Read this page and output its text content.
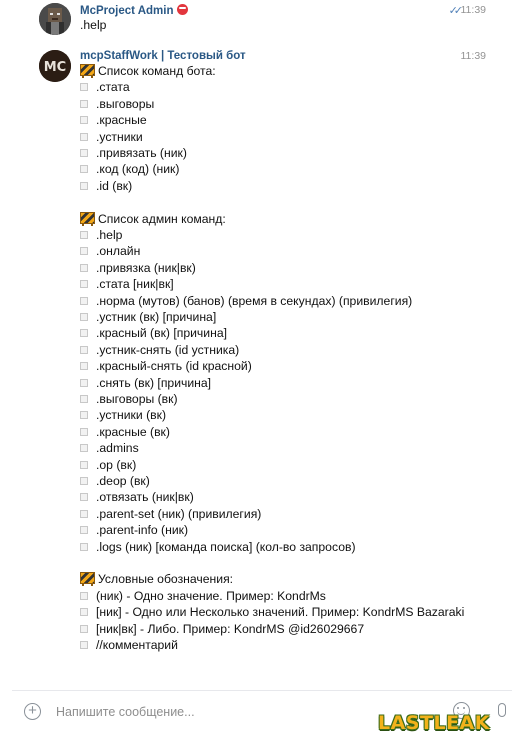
McProject Admin	✓✓ 11:39
.help
MC
mcpStaffWork | Тестовый бот	11:39
Список команд бота:
.стата
.выговоры
.красные
.устники
.привязать (ник)
.код (код) (ник)
.id (вк)
Список админ команд:
.help
.онлайн
.привязка (ник|вк)
.стата [ник|вк]
.норма (мутов) (банов) (время в секундах) (привилегия)
.устник (вк) [причина]
.красный (вк) [причина]
.устник-снять (id устника)
.красный-снять (id красной)
.снять (вк) [причина]
.выговоры (вк)
.устники (вк)
.красные (вк)
.admins
.op (вк)
.deop (вк)
.отвязать (ник|вк)
.parent-set (ник) (привилегия)
.parent-info (ник)
.logs (ник) [команда поиска] (кол-во запросов)
Условные обозначения:
(ник) - Одно значение. Пример: KondrMs
[ник] - Одно или Несколько значений. Пример: KondrMS Bazaraki
[ник|вк] - Либо. Пример: KondrMS @id26029667
//комментарий
+
Напишите сообщение...
LASTLEAK
